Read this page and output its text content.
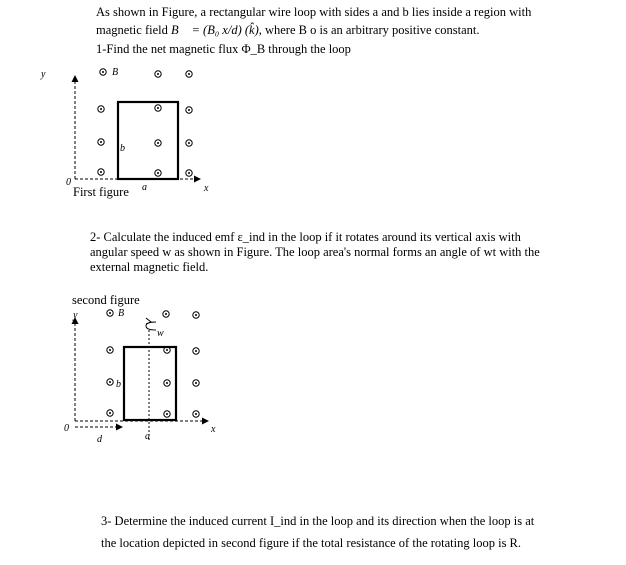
As shown in Figure, a rectangular wire loop with sides a and b lies inside a region with
magnetic field B⃗ = (B₀ x/d) (k̂), where B o is an arbitrary positive constant.
1-Find the net magnetic flux Φ_B through the loop
2- Calculate the induced emf ε_ind in the loop if it rotates around its vertical axis with
angular speed w as shown in Figure. The loop area's normal forms an angle of wt with the
external magnetic field.
3- Determine the induced current I_ind in the loop and its direction when the loop is at
the location depicted in second figure if the total resistance of the rotating loop is R.
y	B⃗
b
a	x
0
First figure
second figure
y	B⃗
w
b
a
d
x
0
